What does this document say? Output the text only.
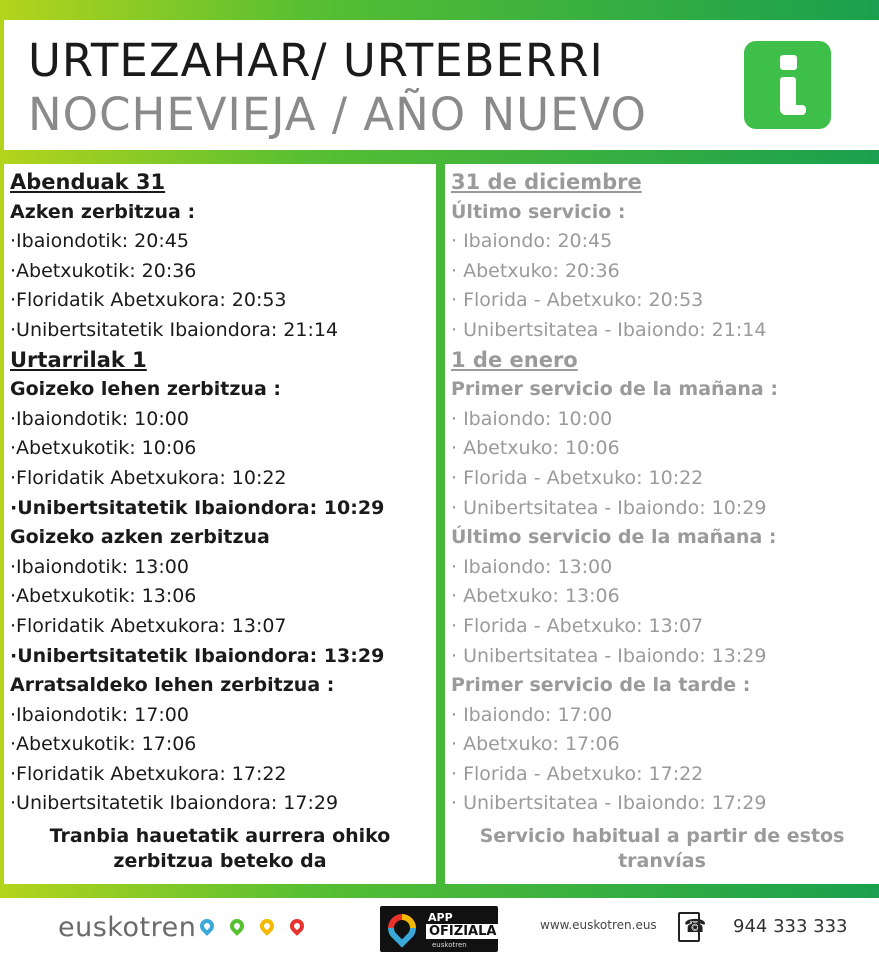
URTEZAHAR/ URTEBERRI
NOCHEVIEJA / AÑO NUEVO
Abenduak 31
Azken zerbitzua :
·Ibaiondotik: 20:45
·Abetxukotik: 20:36
·Floridatik Abetxukora: 20:53
·Unibertsitatetik Ibaiondora: 21:14
Urtarrilak 1
Goizeko lehen zerbitzua :
·Ibaiondotik: 10:00
·Abetxukotik: 10:06
·Floridatik Abetxukora: 10:22
·Unibertsitatetik Ibaiondora: 10:29
Goizeko azken zerbitzua
·Ibaiondotik: 13:00
·Abetxukotik: 13:06
·Floridatik Abetxukora: 13:07
·Unibertsitatetik Ibaiondora: 13:29
Arratsaldeko lehen zerbitzua :
·Ibaiondotik: 17:00
·Abetxukotik: 17:06
·Floridatik Abetxukora: 17:22
·Unibertsitatetik Ibaiondora: 17:29
Tranbia hauetatik aurrera ohiko
zerbitzua beteko da
31 de diciembre
Último servicio :
· Ibaiondo: 20:45
· Abetxuko: 20:36
· Florida - Abetxuko: 20:53
· Unibertsitatea - Ibaiondo: 21:14
1 de enero
Primer servicio de la mañana :
· Ibaiondo: 10:00
· Abetxuko: 10:06
· Florida - Abetxuko: 10:22
· Unibertsitatea - Ibaiondo: 10:29
Último servicio de la mañana :
· Ibaiondo: 13:00
· Abetxuko: 13:06
· Florida - Abetxuko: 13:07
· Unibertsitatea - Ibaiondo: 13:29
Primer servicio de la tarde :
· Ibaiondo: 17:00
· Abetxuko: 17:06
· Florida - Abetxuko: 17:22
· Unibertsitatea - Ibaiondo: 17:29
Servicio habitual a partir de estos
tranvías
euskotren	APP
OFIZIALA
euskotren
www.euskotren.eus ☎ 944 333 333
